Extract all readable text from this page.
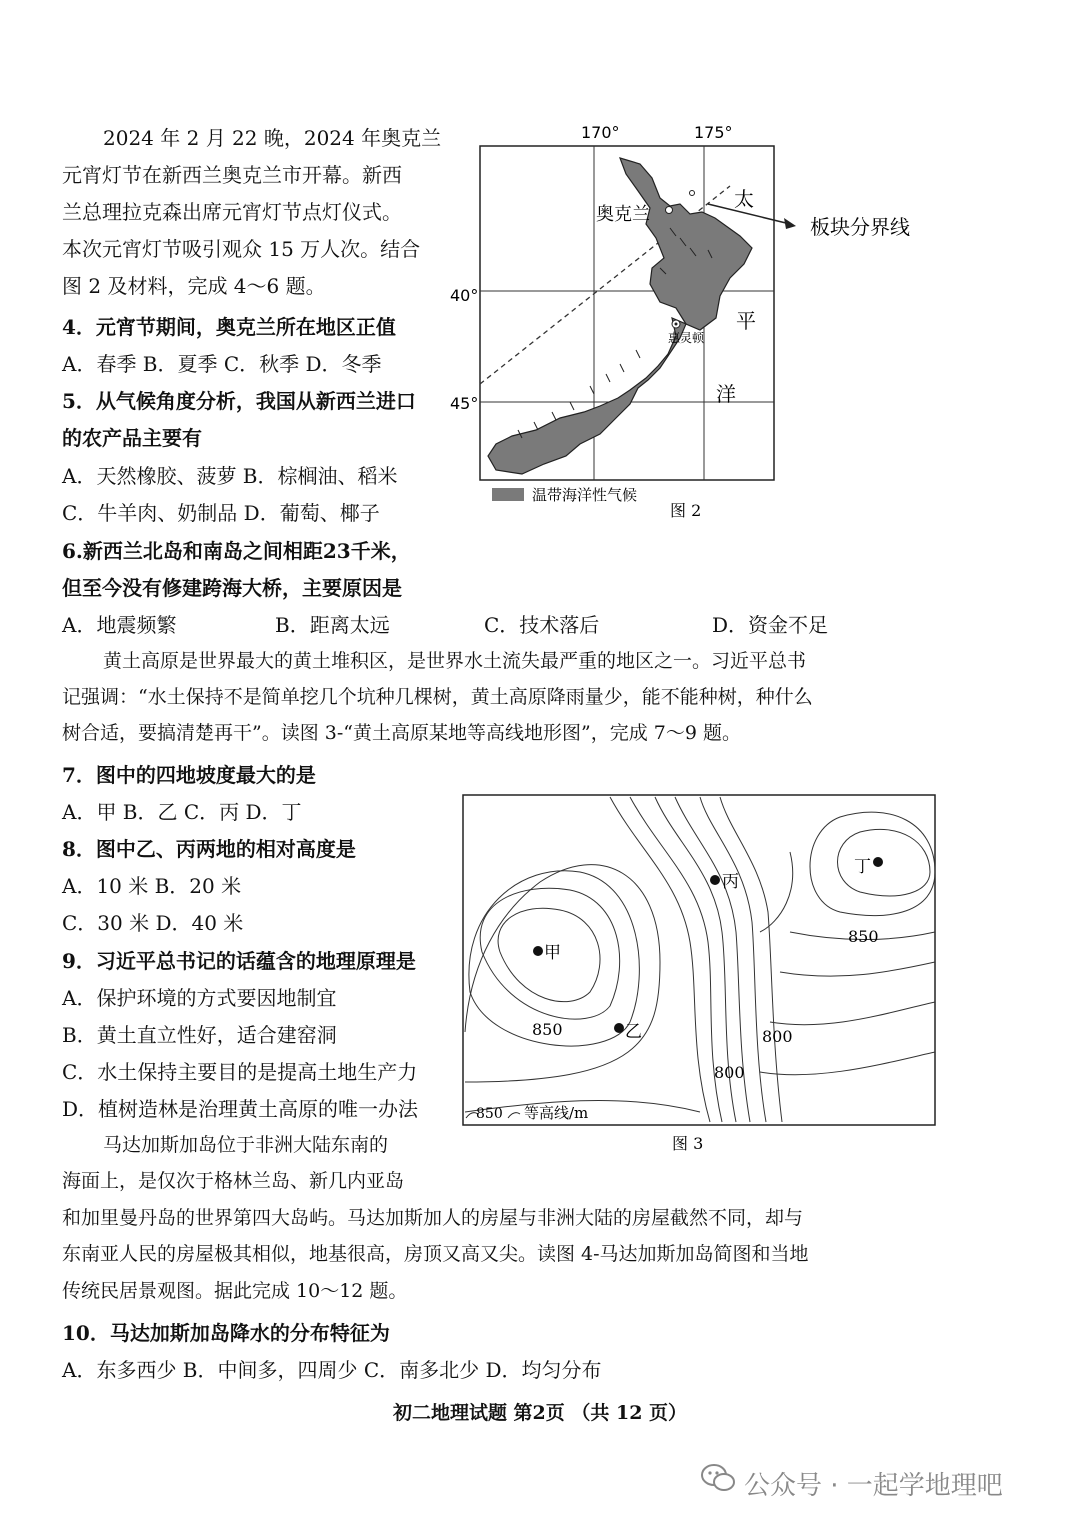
2024 年 2 月 22 晚，2024 年奥克兰
元宵灯节在新西兰奥克兰市开幕。新西
兰总理拉克森出席元宵灯节点灯仪式。
本次元宵灯节吸引观众 15 万人次。结合
图 2 及材料，完成 4～6 题。
4．元宵节期间，奥克兰所在地区正值
A．春季 B．夏季 C．秋季 D．冬季
5．从气候角度分析，我国从新西兰进口
的农产品主要有
A．天然橡胶、菠萝 B．棕榈油、稻米
C．牛羊肉、奶制品 D．葡萄、椰子
6.新西兰北岛和南岛之间相距23千米，
但至今没有修建跨海大桥，主要原因是
A．地震频繁	B．距离太远	C．技术落后	D．资金不足
黄土高原是世界最大的黄土堆积区，是世界水土流失最严重的地区之一。习近平总书
记强调：“水土保持不是简单挖几个坑种几棵树，黄土高原降雨量少，能不能种树，种什么
树合适，要搞清楚再干”。读图 3-“黄土高原某地等高线地形图”，完成 7～9 题。
7．图中的四地坡度最大的是
A．甲 B．乙 C．丙 D．丁
8．图中乙、丙两地的相对高度是
A．10 米 B．20 米
C．30 米 D．40 米
9．习近平总书记的话蕴含的地理原理是
A．保护环境的方式要因地制宜
B．黄土直立性好，适合建窑洞
C．水土保持主要目的是提高土地生产力
D．植树造林是治理黄土高原的唯一办法
马达加斯加岛位于非洲大陆东南的
海面上，是仅次于格林兰岛、新几内亚岛
和加里曼丹岛的世界第四大岛屿。马达加斯加人的房屋与非洲大陆的房屋截然不同，却与
东南亚人民的房屋极其相似，地基很高，房顶又高又尖。读图 4-马达加斯加岛简图和当地
传统民居景观图。据此完成 10～12 题。
10．马达加斯加岛降水的分布特征为
A．东多西少 B．中间多，四周少 C．南多北少 D．均匀分布
170°	175°
40°
45°
奥克兰
惠灵顿
太
平
洋
板块分界线
温带海洋性气候
图 2
甲
乙
丙
丁
850
850	800
800
850 等高线/m
图 3
初二地理试题 第2页 （共 12 页）
公众号 · 一起学地理吧
